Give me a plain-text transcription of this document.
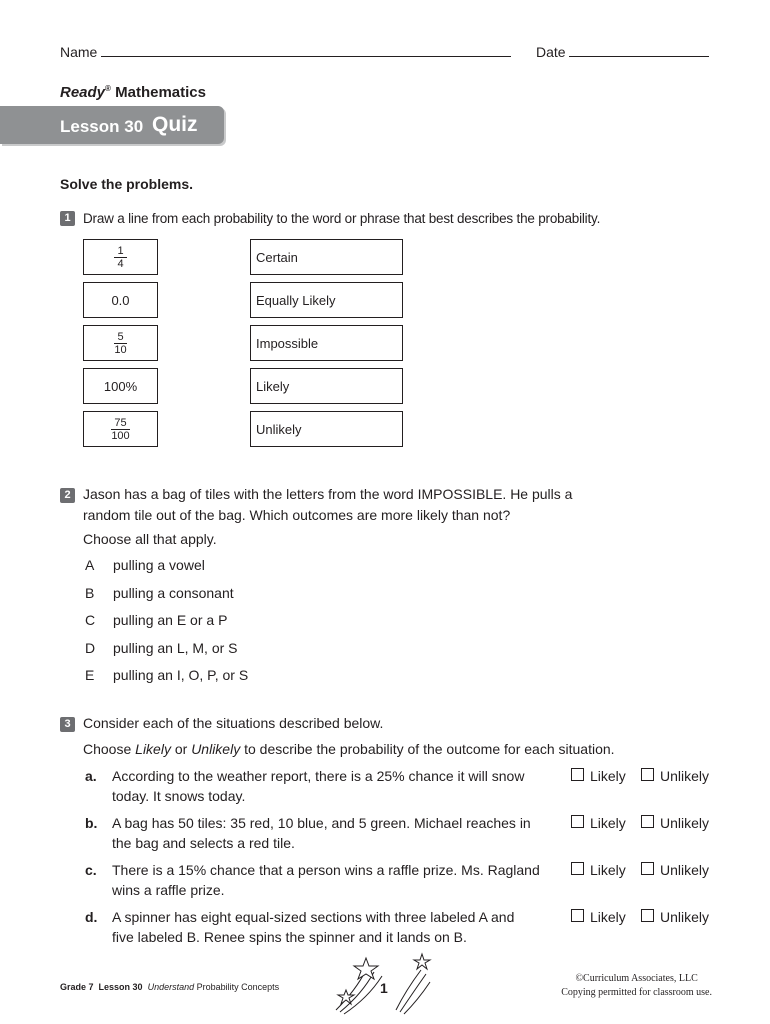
Name	Date
Ready® Mathematics
Lesson 30 Quiz
Solve the problems.
1 Draw a line from each probability to the word or phrase that best describes the probability.
$\frac{1}{4}$
0.0
$\frac{5}{10}$
100%
$\frac{75}{100}$
Certain
Equally Likely
Impossible
Likely
Unlikely
2 Jason has a bag of tiles with the letters from the word IMPOSSIBLE. He pulls a
random tile out of the bag. Which outcomes are more likely than not?
Choose all that apply.
A pulling a vowel
B pulling a consonant
C pulling an E or a P
D pulling an L, M, or S
E pulling an I, O, P, or S
3 Consider each of the situations described below.
Choose Likely or Unlikely to describe the probability of the outcome for each situation.
a. According to the weather report, there is a 25% chance it will snow
today. It snows today.
Likely Unlikely
b. A bag has 50 tiles: 35 red, 10 blue, and 5 green. Michael reaches in
the bag and selects a red tile.
Likely Unlikely
c. There is a 15% chance that a person wins a raffle prize. Ms. Ragland
wins a raffle prize.
Likely Unlikely
d. A spinner has eight equal-sized sections with three labeled A and
five labeled B. Renee spins the spinner and it lands on B.
Likely Unlikely
Grade 7 Lesson 30 Understand Probability Concepts	1
©Curriculum Associates, LLC
Copying permitted for classroom use.
